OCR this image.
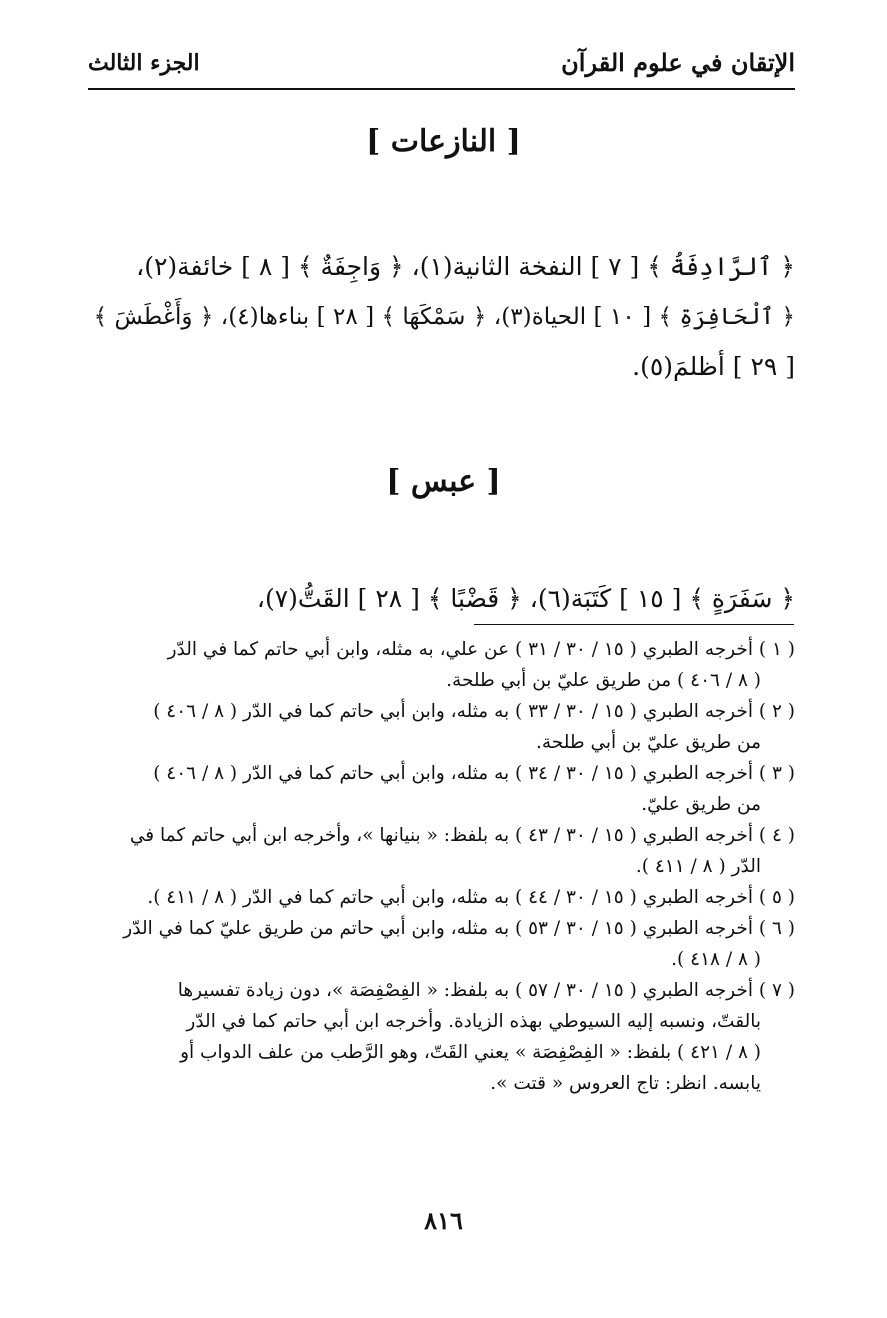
الإتقان في علوم القرآن
الجزء الثالث
[ النازعات ]
﴿ ٱلرَّادِفَةُ ﴾ [ ٧ ] النفخة الثانية(١)، ﴿ وَاجِفَةٌ ﴾ [ ٨ ] خائفة(٢)،
﴿ ٱلْحَافِرَةِ ﴾ [ ١٠ ] الحياة(٣)، ﴿ سَمْكَهَا ﴾ [ ٢٨ ] بناءها(٤)، ﴿ وَأَغْطَشَ ﴾
[ ٢٩ ] أظلمَ(٥).
[ عبس ]
﴿ سَفَرَةٍ ﴾ [ ١٥ ] كَتَبَة(٦)، ﴿ قَضْبًا ﴾ [ ٢٨ ] القَتُّ(٧)،
( ١ ) أخرجه الطبري ( ١٥ / ٣٠ / ٣١ ) عن علي، به مثله، وابن أبي حاتم كما في الدّر
( ٨ / ٤٠٦ ) من طريق عليّ بن أبي طلحة.
( ٢ ) أخرجه الطبري ( ١٥ / ٣٠ / ٣٣ ) به مثله، وابن أبي حاتم كما في الدّر ( ٨ / ٤٠٦ )
من طريق عليّ بن أبي طلحة.
( ٣ ) أخرجه الطبري ( ١٥ / ٣٠ / ٣٤ ) به مثله، وابن أبي حاتم كما في الدّر ( ٨ / ٤٠٦ )
من طريق عليّ.
( ٤ ) أخرجه الطبري ( ١٥ / ٣٠ / ٤٣ ) به بلفظ: « بنيانها »، وأخرجه ابن أبي حاتم كما في
الدّر ( ٨ / ٤١١ ).
( ٥ ) أخرجه الطبري ( ١٥ / ٣٠ / ٤٤ ) به مثله، وابن أبي حاتم كما في الدّر ( ٨ / ٤١١ ).
( ٦ ) أخرجه الطبري ( ١٥ / ٣٠ / ٥٣ ) به مثله، وابن أبي حاتم من طريق عليّ كما في الدّر
( ٨ / ٤١٨ ).
( ٧ ) أخرجه الطبري ( ١٥ / ٣٠ / ٥٧ ) به بلفظ: « الفِصْفِصَة »، دون زيادة تفسيرها
بالقتّ، ونسبه إليه السيوطي بهذه الزيادة. وأخرجه ابن أبي حاتم كما في الدّر
( ٨ / ٤٢١ ) بلفظ: « الفِصْفِصَة » يعني القَتّ، وهو الرَّطب من علف الدواب أو
يابسه. انظر: تاج العروس « قتت ».
٨١٦
